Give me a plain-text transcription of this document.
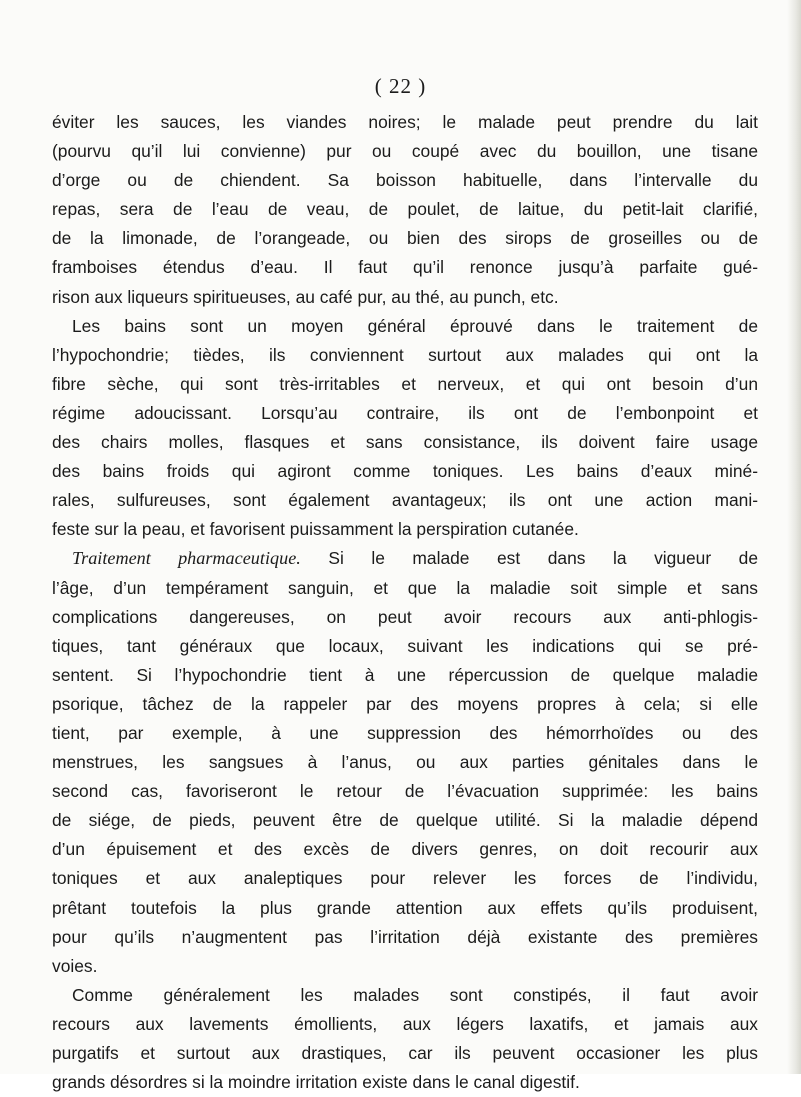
( 22 )

éviter les sauces, les viandes noires; le malade peut prendre du lait

(pourvu qu’il lui convienne) pur ou coupé avec du bouillon, une tisane

d’orge ou de chiendent. Sa boisson habituelle, dans l’intervalle du

repas, sera de l’eau de veau, de poulet, de laitue, du petit-lait clarifié,

de la limonade, de l’orangeade, ou bien des sirops de groseilles ou de

framboises étendus d’eau. Il faut qu’il renonce jusqu’à parfaite gué-

rison aux liqueurs spiritueuses, au café pur, au thé, au punch, etc.

Les bains sont un moyen général éprouvé dans le traitement de

l’hypochondrie; tièdes, ils conviennent surtout aux malades qui ont la

fibre sèche, qui sont très-irritables et nerveux, et qui ont besoin d’un

régime adoucissant. Lorsqu’au contraire, ils ont de l’embonpoint et

des chairs molles, flasques et sans consistance, ils doivent faire usage

des bains froids qui agiront comme toniques. Les bains d’eaux miné-

rales, sulfureuses, sont également avantageux; ils ont une action mani-

feste sur la peau, et favorisent puissamment la perspiration cutanée.

Traitement pharmaceutique. Si le malade est dans la vigueur de

l’âge, d’un tempérament sanguin, et que la maladie soit simple et sans

complications dangereuses, on peut avoir recours aux anti-phlogis-

tiques, tant généraux que locaux, suivant les indications qui se pré-

sentent. Si l’hypochondrie tient à une répercussion de quelque maladie

psorique, tâchez de la rappeler par des moyens propres à cela; si elle

tient, par exemple, à une suppression des hémorrhoïdes ou des

menstrues, les sangsues à l’anus, ou aux parties génitales dans le

second cas, favoriseront le retour de l’évacuation supprimée: les bains

de siége, de pieds, peuvent être de quelque utilité. Si la maladie dépend

d’un épuisement et des excès de divers genres, on doit recourir aux

toniques et aux analeptiques pour relever les forces de l’individu,

prêtant toutefois la plus grande attention aux effets qu’ils produisent,

pour qu’ils n’augmentent pas l’irritation déjà existante des premières

voies.

Comme généralement les malades sont constipés, il faut avoir

recours aux lavements émollients, aux légers laxatifs, et jamais aux

purgatifs et surtout aux drastiques, car ils peuvent occasioner les plus

grands désordres si la moindre irritation existe dans le canal digestif.
